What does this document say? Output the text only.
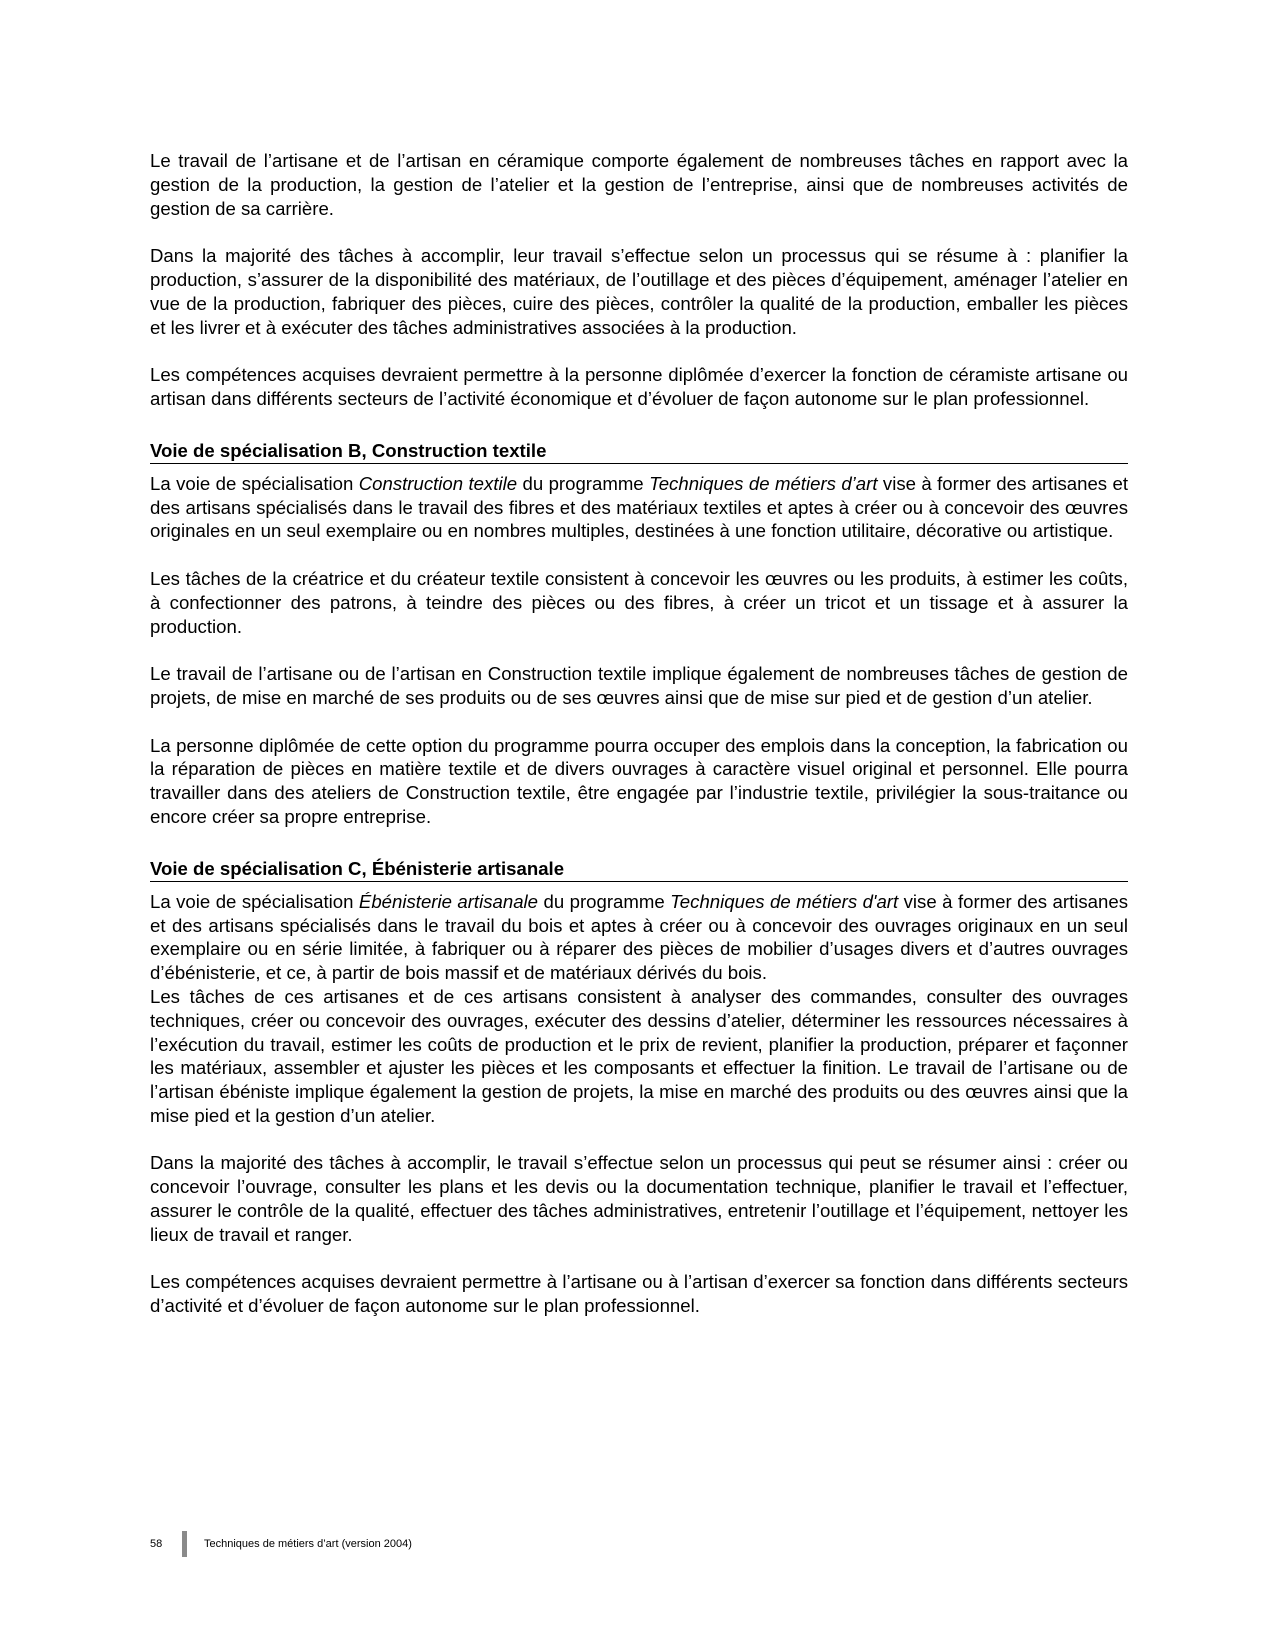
Le travail de l’artisane et de l’artisan en céramique comporte également de nombreuses tâches en rapport avec la gestion de la production, la gestion de l’atelier et la gestion de l’entreprise, ainsi que de nombreuses activités de gestion de sa carrière.

Dans la majorité des tâches à accomplir, leur travail s’effectue selon un processus qui se résume à : planifier la production, s’assurer de la disponibilité des matériaux, de l’outillage et des pièces d’équipement, aménager l’atelier en vue de la production, fabriquer des pièces, cuire des pièces, contrôler la qualité de la production, emballer les pièces et les livrer et à exécuter des tâches administratives associées à la production.

Les compétences acquises devraient permettre à la personne diplômée d’exercer la fonction de céramiste artisane ou artisan dans différents secteurs de l’activité économique et d’évoluer de façon autonome sur le plan professionnel.

Voie de spécialisation B, Construction textile

La voie de spécialisation Construction textile du programme Techniques de métiers d’art vise à former des artisanes et des artisans spécialisés dans le travail des fibres et des matériaux textiles et aptes à créer ou à concevoir des œuvres originales en un seul exemplaire ou en nombres multiples, destinées à une fonction utilitaire, décorative ou artistique.

Les tâches de la créatrice et du créateur textile consistent à concevoir les œuvres ou les produits, à estimer les coûts, à confectionner des patrons, à teindre des pièces ou des fibres, à créer un tricot et un tissage et à assurer la production.

Le travail de l’artisane ou de l’artisan en Construction textile implique également de nombreuses tâches de gestion de projets, de mise en marché de ses produits ou de ses œuvres ainsi que de mise sur pied et de gestion d’un atelier.

La personne diplômée de cette option du programme pourra occuper des emplois dans la conception, la fabrication ou la réparation de pièces en matière textile et de divers ouvrages à caractère visuel original et personnel. Elle pourra travailler dans des ateliers de Construction textile, être engagée par l’industrie textile, privilégier la sous-traitance ou encore créer sa propre entreprise.

Voie de spécialisation C, Ébénisterie artisanale

La voie de spécialisation Ébénisterie artisanale du programme Techniques de métiers d'art vise à former des artisanes et des artisans spécialisés dans le travail du bois et aptes à créer ou à concevoir des ouvrages originaux en un seul exemplaire ou en série limitée, à fabriquer ou à réparer des pièces de mobilier d’usages divers et d’autres ouvrages d’ébénisterie, et ce, à partir de bois massif et de matériaux dérivés du bois.

Les tâches de ces artisanes et de ces artisans consistent à analyser des commandes, consulter des ouvrages techniques, créer ou concevoir des ouvrages, exécuter des dessins d’atelier, déterminer les ressources nécessaires à l’exécution du travail, estimer les coûts de production et le prix de revient, planifier la production, préparer et façonner les matériaux, assembler et ajuster les pièces et les composants et effectuer la finition. Le travail de l’artisane ou de l’artisan ébéniste implique également la gestion de projets, la mise en marché des produits ou des œuvres ainsi que la mise pied et la gestion d’un atelier.

Dans la majorité des tâches à accomplir, le travail s’effectue selon un processus qui peut se résumer ainsi : créer ou concevoir l’ouvrage, consulter les plans et les devis ou la documentation technique, planifier le travail et l’effectuer, assurer le contrôle de la qualité, effectuer des tâches administratives, entretenir l’outillage et l’équipement, nettoyer les lieux de travail et ranger.

Les compétences acquises devraient permettre à l’artisane ou à l’artisan d’exercer sa fonction dans différents secteurs d’activité et d’évoluer de façon autonome sur le plan professionnel.

58	Techniques de métiers d’art (version 2004)
